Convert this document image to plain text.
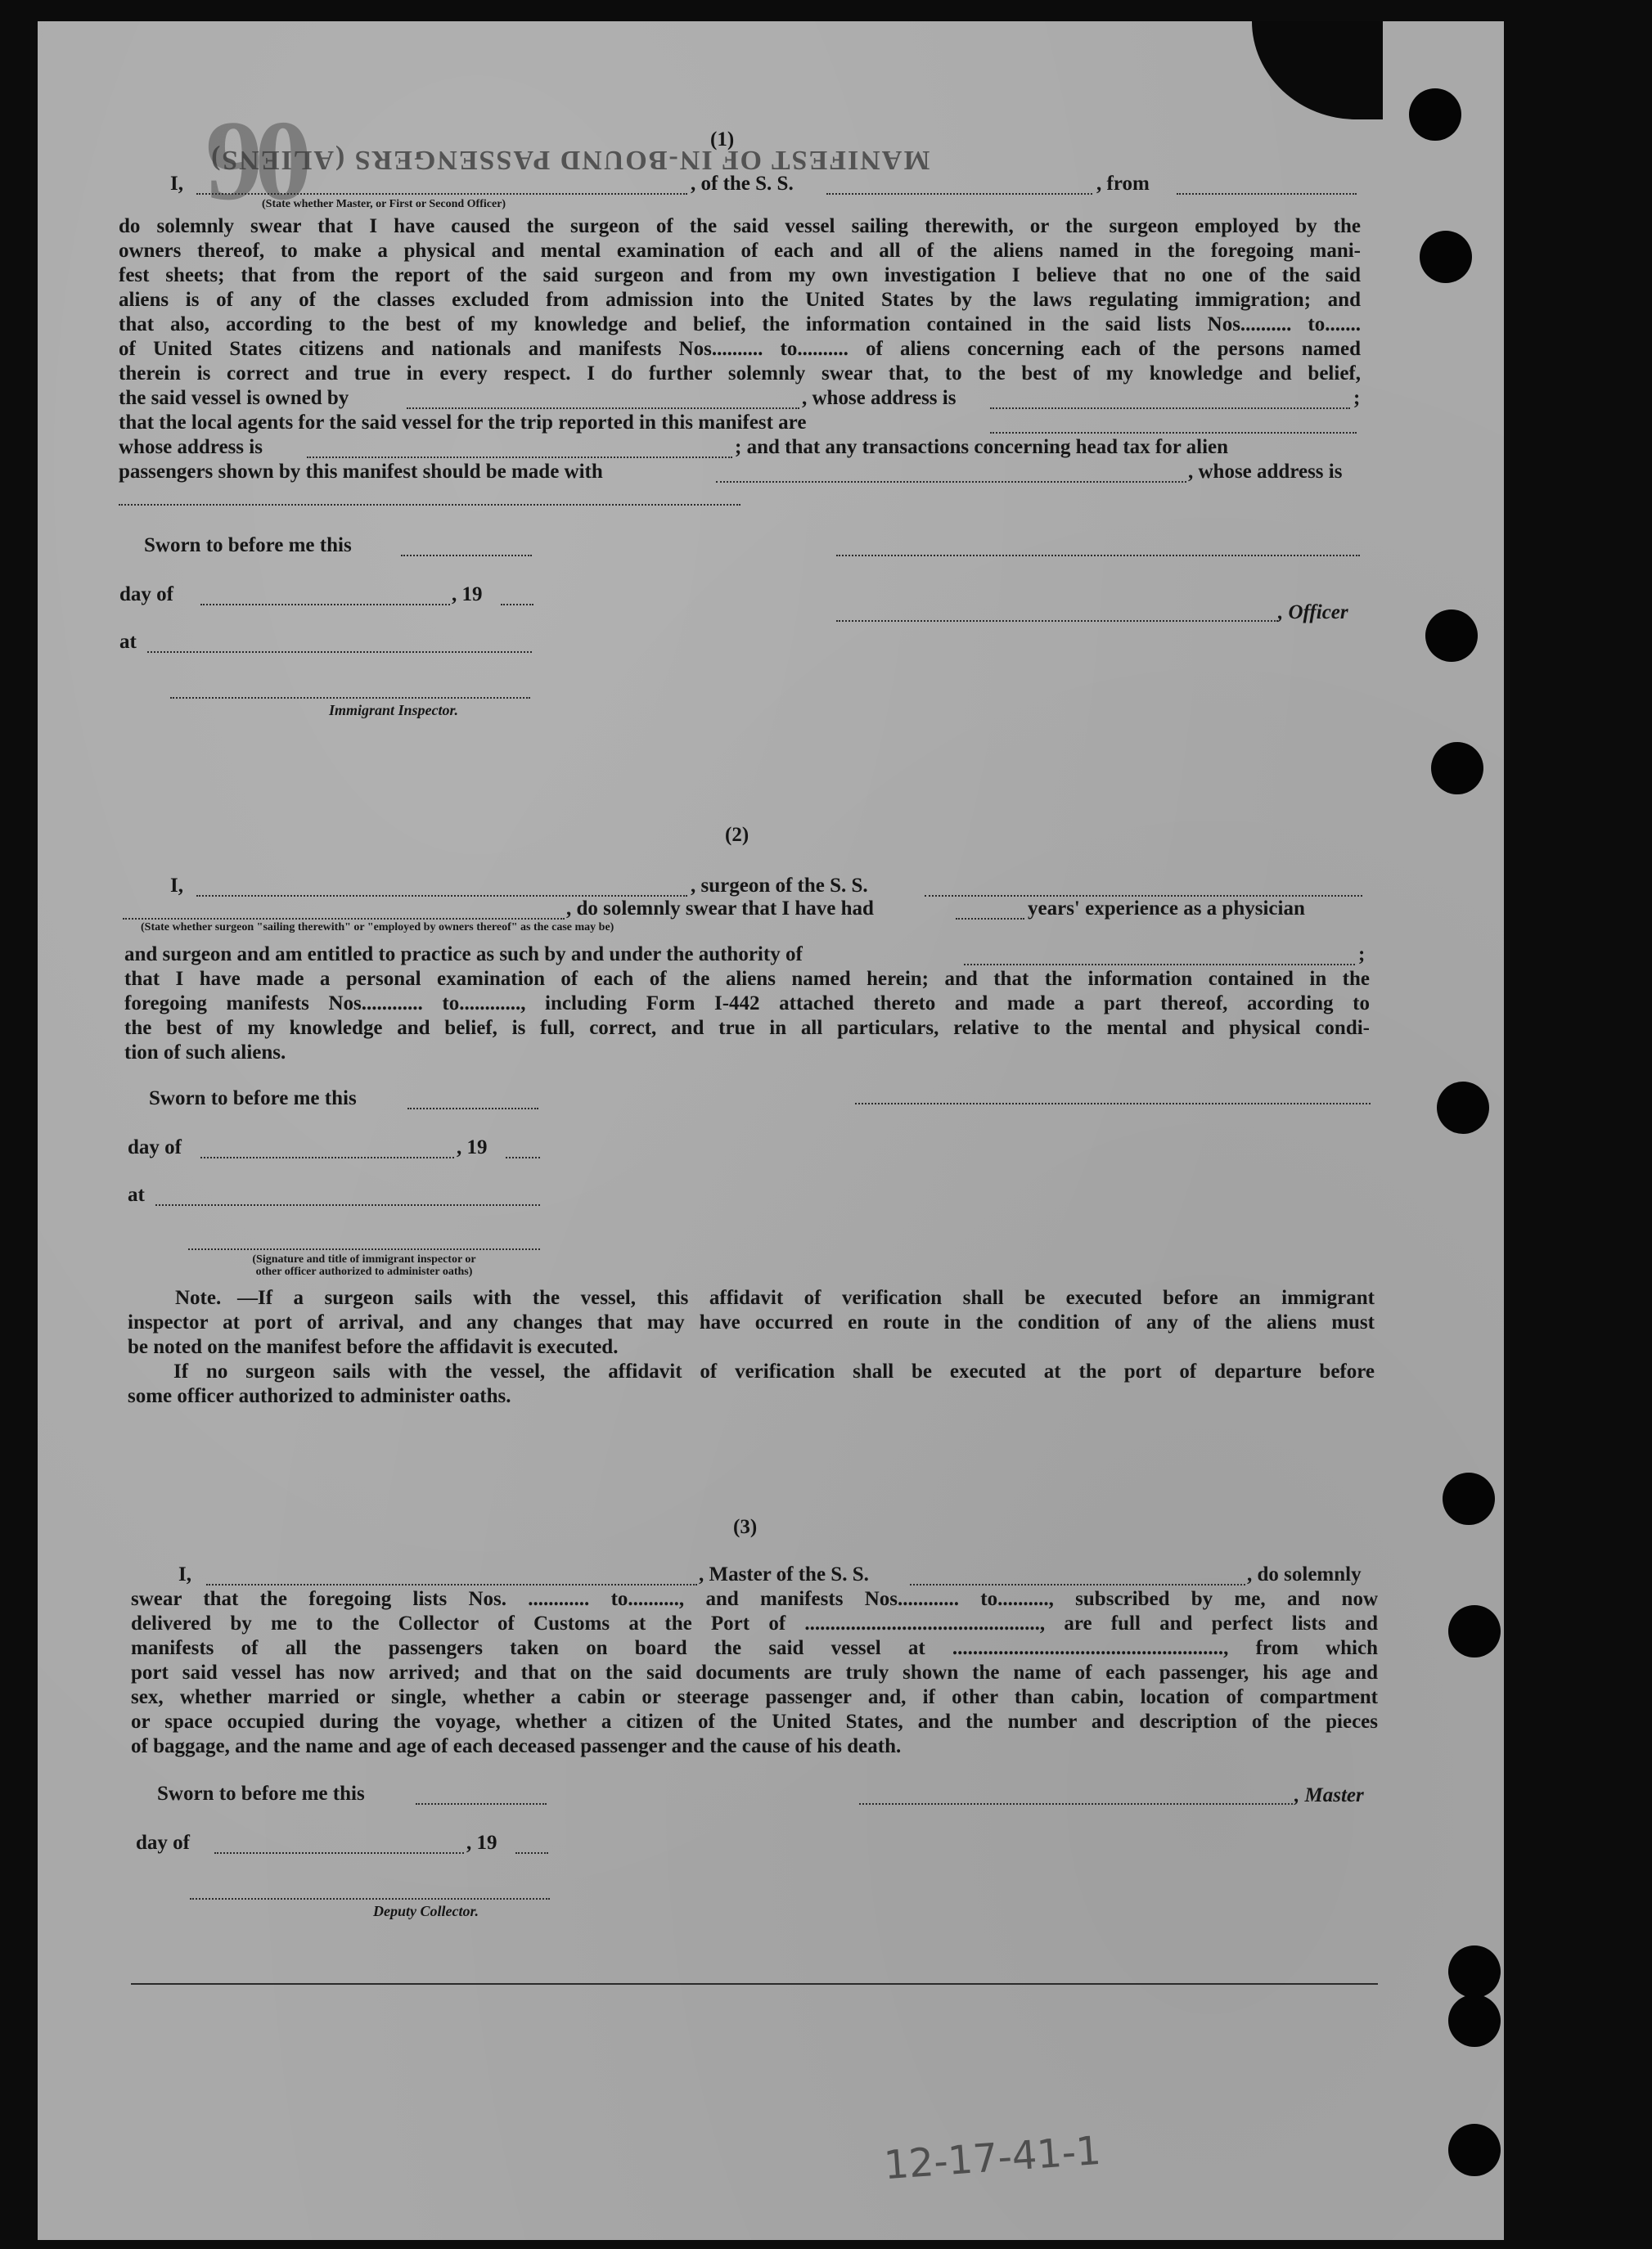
90
MANIFEST OF IN-BOUND PASSENGERS (ALIENS)
(1)
I,	, of the S. S.	, from
(State whether Master, or First or Second Officer)
do solemnly swear that I have caused the surgeon of the said vessel sailing therewith, or the surgeon employed by the
owners thereof, to make a physical and mental examination of each and all of the aliens named in the foregoing mani-
fest sheets; that from the report of the said surgeon and from my own investigation I believe that no one of the said
aliens is of any of the classes excluded from admission into the United States by the laws regulating immigration; and
that also, according to the best of my knowledge and belief, the information contained in the said lists Nos.......... to.......
of United States citizens and nationals and manifests Nos.......... to.......... of aliens concerning each of the persons named
therein is correct and true in every respect. I do further solemnly swear that, to the best of my knowledge and belief,
the said vessel is owned by	, whose address is	;
that the local agents for the said vessel for the trip reported in this manifest are
whose address is	; and that any transactions concerning head tax for alien
passengers shown by this manifest should be made with	, whose address is
Sworn to before me this
day of	, 19
, Officer
at
Immigrant Inspector.
(2)
I,	, surgeon of the S. S.
, do solemnly swear that I have had	years' experience as a physician
(State whether surgeon "sailing therewith" or "employed by owners thereof" as the case may be)
and surgeon and am entitled to practice as such by and under the authority of	;
that I have made a personal examination of each of the aliens named herein; and that the information contained in the
foregoing manifests Nos............ to............, including Form I-442 attached thereto and made a part thereof, according to
the best of my knowledge and belief, is full, correct, and true in all particulars, relative to the mental and physical condi-
tion of such aliens.
Sworn to before me this
day of	, 19
at
(Signature and title of immigrant inspector or
other officer authorized to administer oaths)
Note. —If a surgeon sails with the vessel, this affidavit of verification shall be executed before an immigrant
inspector at port of arrival, and any changes that may have occurred en route in the condition of any of the aliens must
be noted on the manifest before the affidavit is executed.
If no surgeon sails with the vessel, the affidavit of verification shall be executed at the port of departure before
some officer authorized to administer oaths.
(3)
I,	, Master of the S. S.	, do solemnly
swear that the foregoing lists Nos. ............ to.........., and manifests Nos............ to.........., subscribed by me, and now
delivered by me to the Collector of Customs at the Port of .............................................., are full and perfect lists and
manifests of all the passengers taken on board the said vessel at ....................................................., from which
port said vessel has now arrived; and that on the said documents are truly shown the name of each passenger, his age and
sex, whether married or single, whether a cabin or steerage passenger and, if other than cabin, location of compartment
or space occupied during the voyage, whether a citizen of the United States, and the number and description of the pieces
of baggage, and the name and age of each deceased passenger and the cause of his death.
Sworn to before me this	, Master
day of	, 19
Deputy Collector.
12-17-41-1
